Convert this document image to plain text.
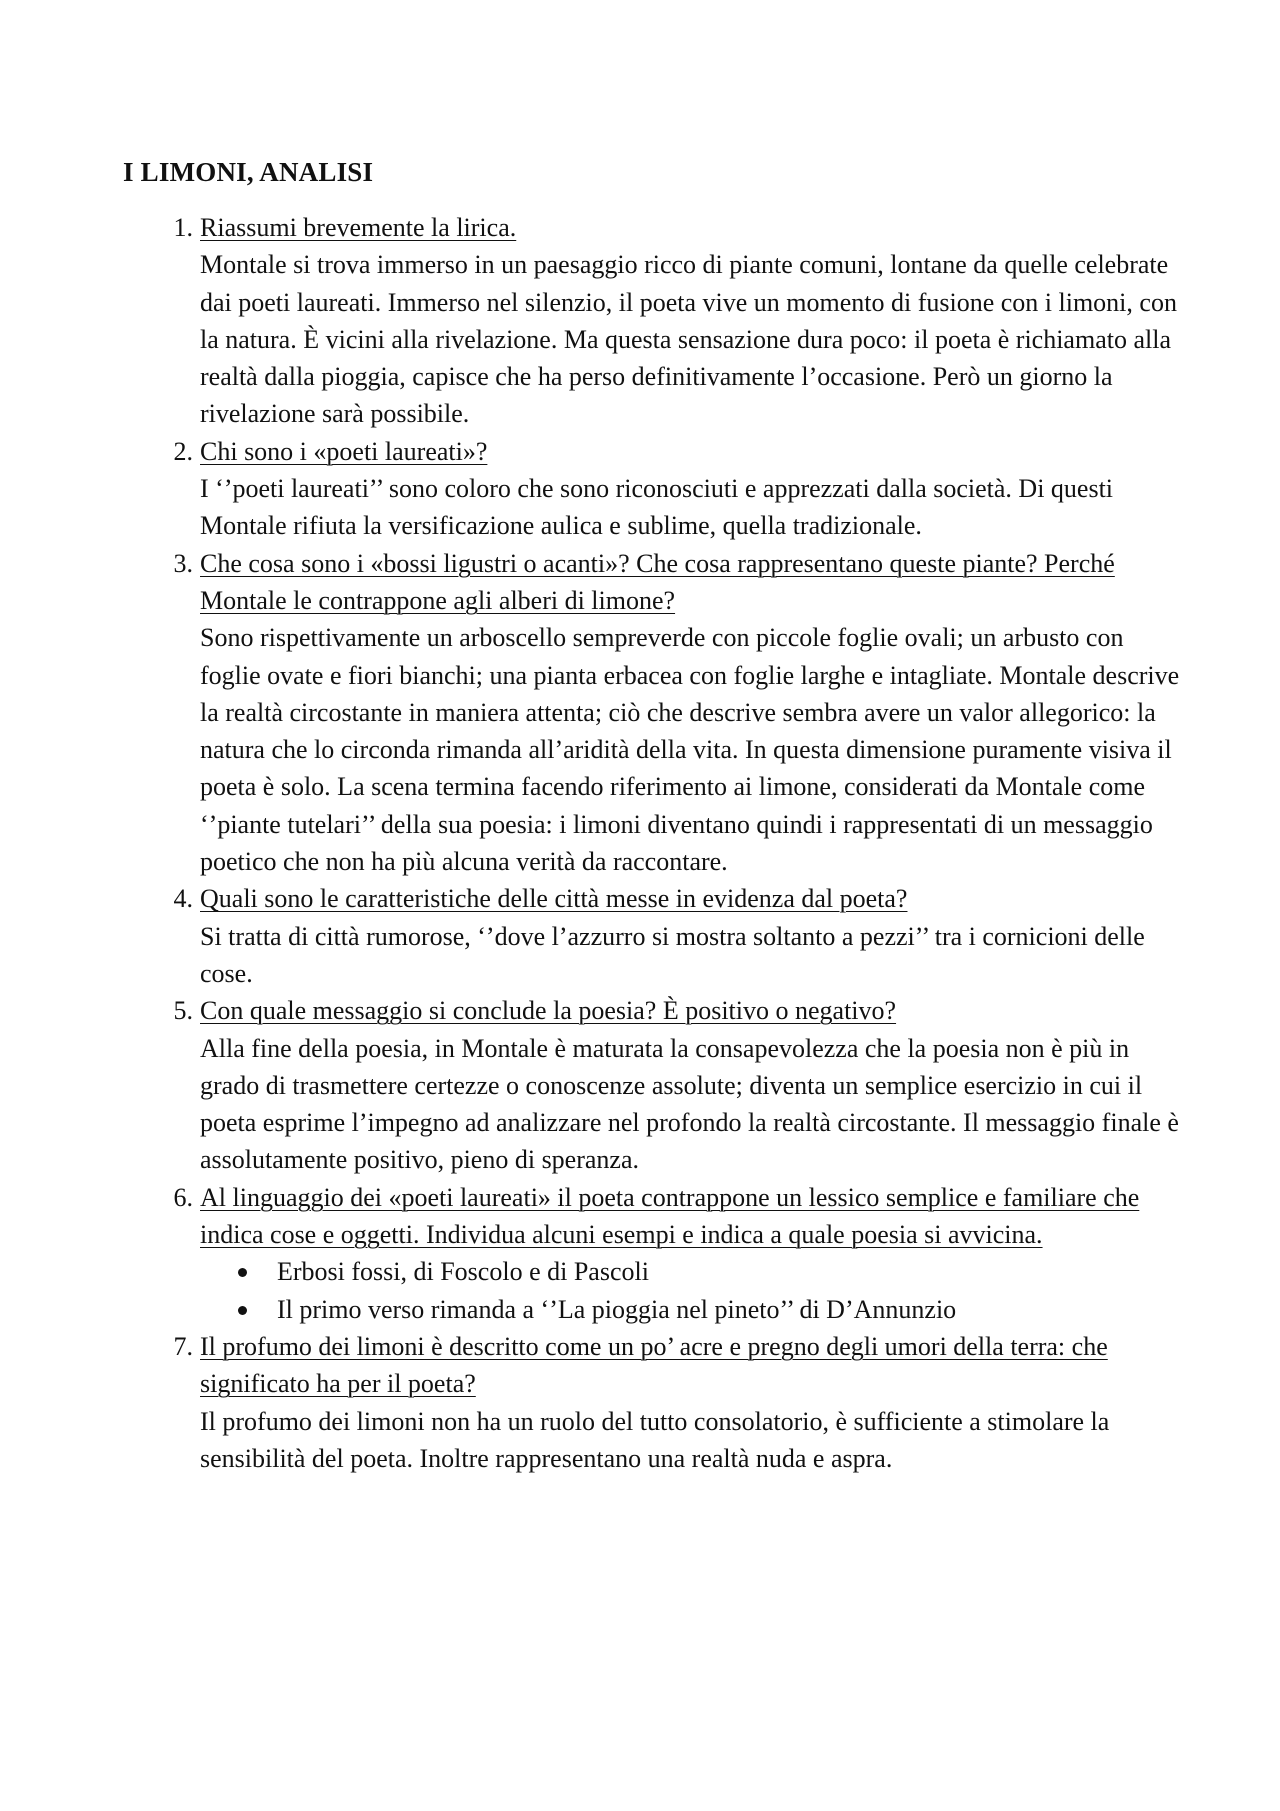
I LIMONI, ANALISI
1. Riassumi brevemente la lirica.
Montale si trova immerso in un paesaggio ricco di piante comuni, lontane da quelle celebrate dai poeti laureati. Immerso nel silenzio, il poeta vive un momento di fusione con i limoni, con la natura. È vicini alla rivelazione. Ma questa sensazione dura poco: il poeta è richiamato alla realtà dalla pioggia, capisce che ha perso definitivamente l’occasione. Però un giorno la rivelazione sarà possibile.
2. Chi sono i «poeti laureati»?
I ‘’poeti laureati’’ sono coloro che sono riconosciuti e apprezzati dalla società. Di questi Montale rifiuta la versificazione aulica e sublime, quella tradizionale.
3. Che cosa sono i «bossi ligustri o acanti»? Che cosa rappresentano queste piante? Perché Montale le contrappone agli alberi di limone?
Sono rispettivamente un arboscello sempreverde con piccole foglie ovali; un arbusto con foglie ovate e fiori bianchi; una pianta erbacea con foglie larghe e intagliate. Montale descrive la realtà circostante in maniera attenta; ciò che descrive sembra avere un valor allegorico: la natura che lo circonda rimanda all’aridità della vita. In questa dimensione puramente visiva il poeta è solo. La scena termina facendo riferimento ai limone, considerati da Montale come ‘’piante tutelari’’ della sua poesia: i limoni diventano quindi i rappresentati di un messaggio poetico che non ha più alcuna verità da raccontare.
4. Quali sono le caratteristiche delle città messe in evidenza dal poeta?
Si tratta di città rumorose, ‘’dove l’azzurro si mostra soltanto a pezzi’’ tra i cornicioni delle cose.
5. Con quale messaggio si conclude la poesia? È positivo o negativo?
Alla fine della poesia, in Montale è maturata la consapevolezza che la poesia non è più in grado di trasmettere certezze o conoscenze assolute; diventa un semplice esercizio in cui il poeta esprime l’impegno ad analizzare nel profondo la realtà circostante. Il messaggio finale è assolutamente positivo, pieno di speranza.
6. Al linguaggio dei «poeti laureati» il poeta contrappone un lessico semplice e familiare che indica cose e oggetti. Individua alcuni esempi e indica a quale poesia si avvicina.
Erbosi fossi, di Foscolo e di Pascoli
Il primo verso rimanda a ‘’La pioggia nel pineto’’ di D’Annunzio
7. Il profumo dei limoni è descritto come un po’ acre e pregno degli umori della terra: che significato ha per il poeta?
Il profumo dei limoni non ha un ruolo del tutto consolatorio, è sufficiente a stimolare la sensibilità del poeta. Inoltre rappresentano una realtà nuda e aspra.
